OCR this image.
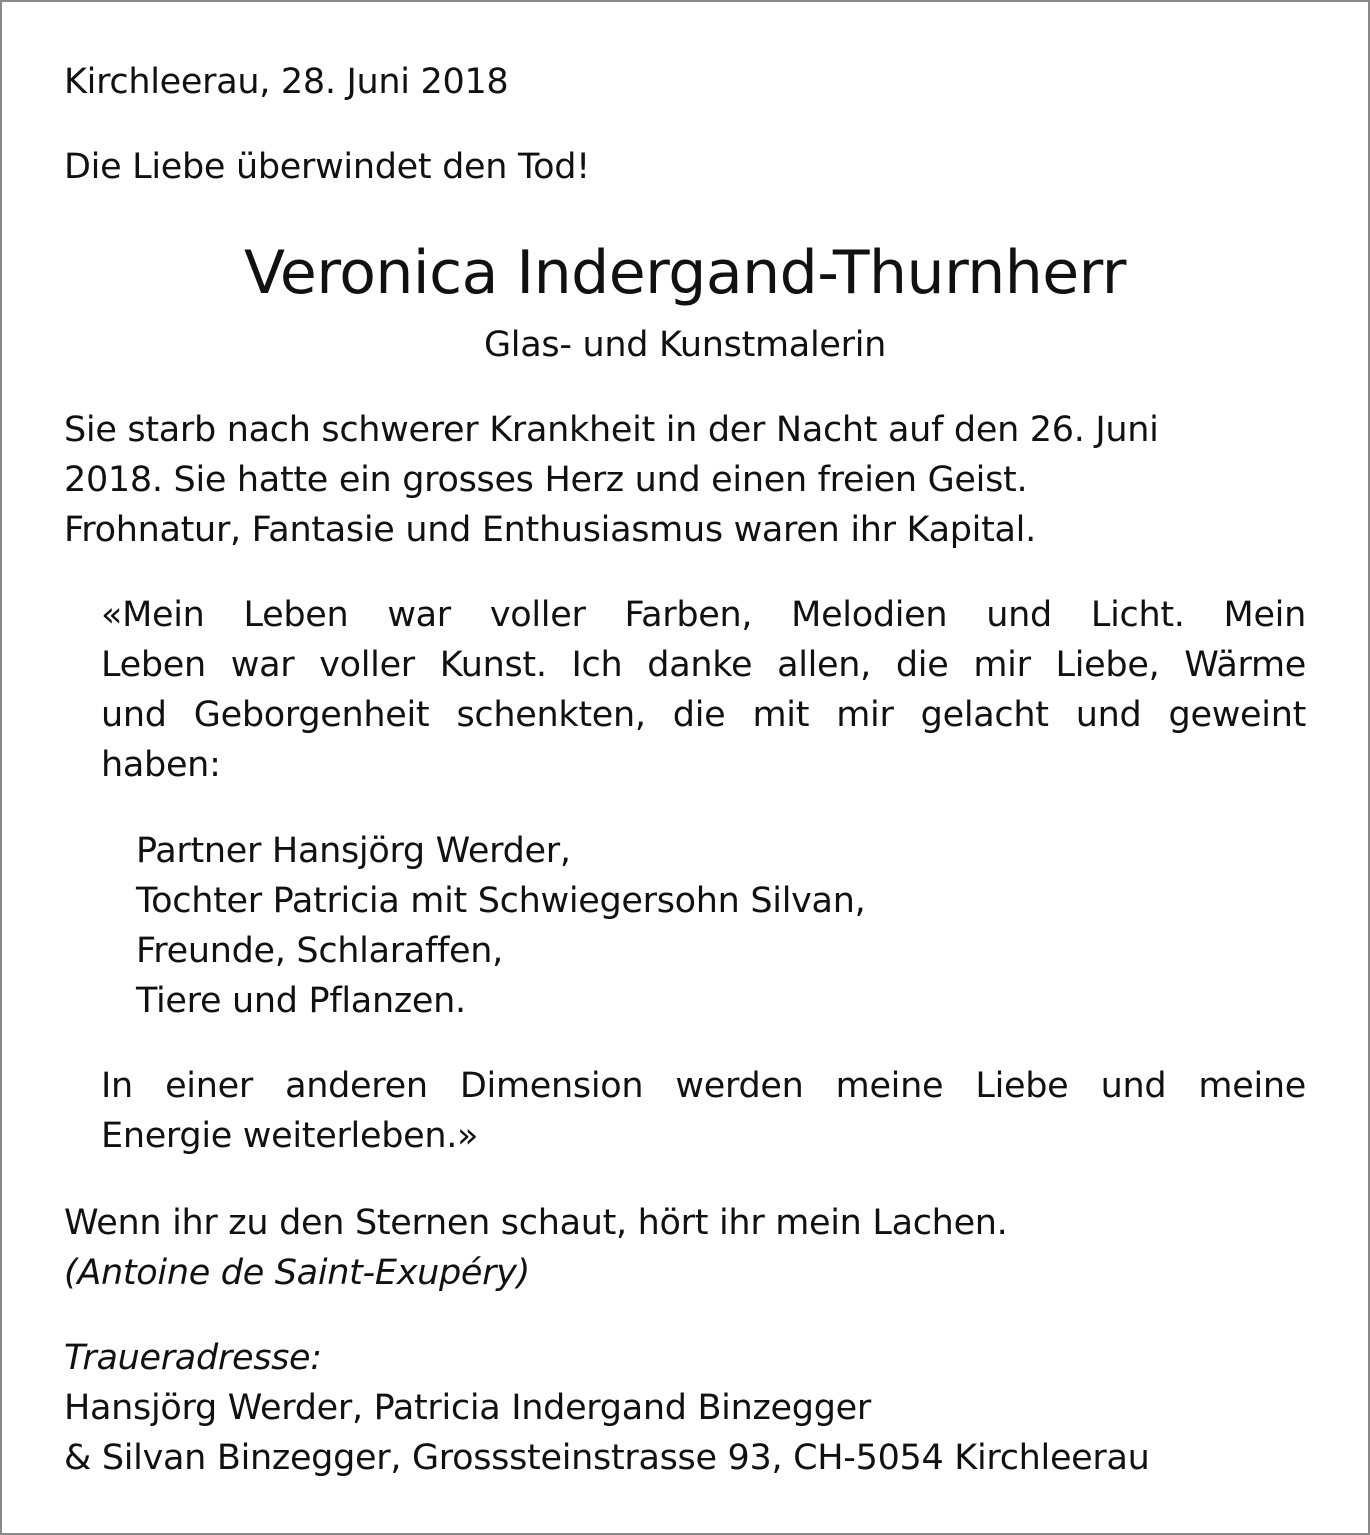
Kirchleerau, 28. Juni 2018
Die Liebe überwindet den Tod!
Veronica Indergand-Thurnherr
Glas- und Kunstmalerin
Sie starb nach schwerer Krankheit in der Nacht auf den 26. Juni
2018. Sie hatte ein grosses Herz und einen freien Geist.
Frohnatur, Fantasie und Enthusiasmus waren ihr Kapital.
«Mein Leben war voller Farben, Melodien und Licht. Mein
Leben war voller Kunst. Ich danke allen, die mir Liebe, Wärme
und Geborgenheit schenkten, die mit mir gelacht und geweint
haben:
Partner Hansjörg Werder,
Tochter Patricia mit Schwiegersohn Silvan,
Freunde, Schlaraffen,
Tiere und Pflanzen.
In einer anderen Dimension werden meine Liebe und meine
Energie weiterleben.»
Wenn ihr zu den Sternen schaut, hört ihr mein Lachen.
(Antoine de Saint-Exupéry)
Traueradresse:
Hansjörg Werder, Patricia Indergand Binzegger
& Silvan Binzegger, Grosssteinstrasse 93, CH-5054 Kirchleerau
